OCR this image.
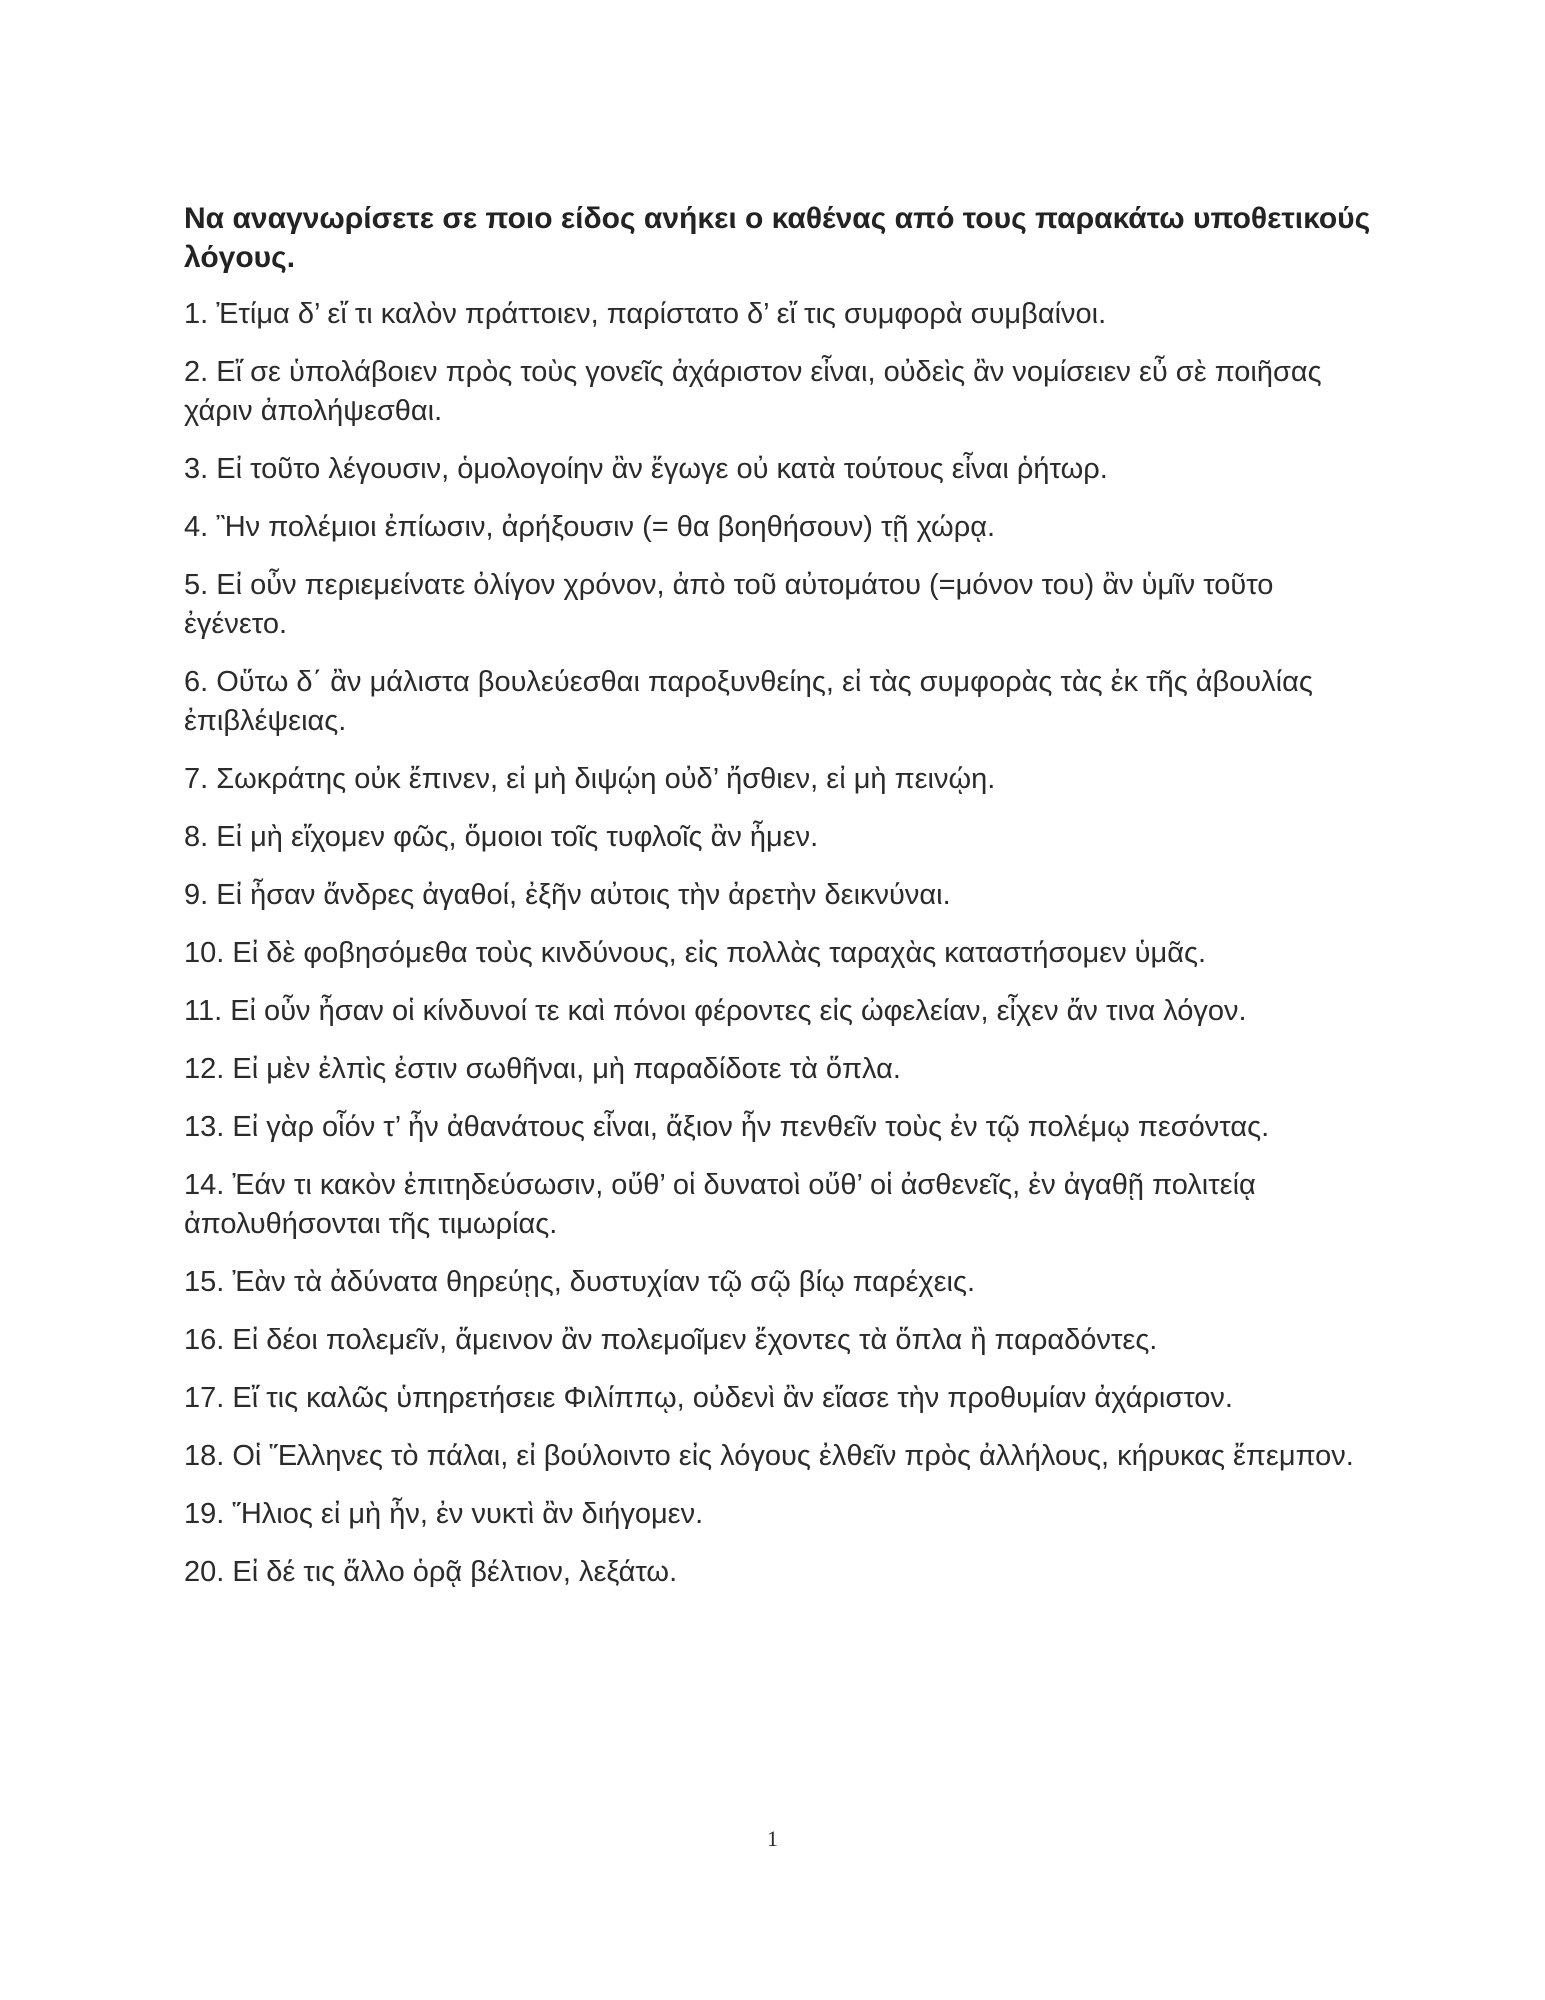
Να αναγνωρίσετε σε ποιο είδος ανήκει ο καθένας από τους παρακάτω υποθετικούς λόγους.

1. Ἐτίμα δ’ εἴ τι καλὸν πράττοιεν, παρίστατο δ’ εἴ τις συμφορὰ συμβαίνοι.
2. Εἴ σε ὑπολάβοιεν πρὸς τοὺς γονεῖς ἀχάριστον εἶναι, οὐδεὶς ἂν νομίσειεν εὖ σὲ ποιῆσας χάριν ἀπολήψεσθαι.
3. Εἰ τοῦτο λέγουσιν, ὁμολογοίην ἂν ἔγωγε οὐ κατὰ τούτους εἶναι ῥήτωρ.
4. Ἢν πολέμιοι ἐπίωσιν, ἀρήξουσιν (= θα βοηθήσουν) τῇ χώρᾳ.
5. Εἰ οὖν περιεμείνατε ὀλίγον χρόνον, ἀπὸ τοῦ αὐτομάτου (=μόνον του) ἂν ὑμῖν τοῦτο ἐγένετο.
6. Οὕτω δ΄ ἂν μάλιστα βουλεύεσθαι παροξυνθείης, εἰ τὰς συμφορὰς τὰς ἐκ τῆς ἀβουλίας ἐπιβλέψειας.
7. Σωκράτης οὐκ ἔπινεν, εἰ μὴ διψῴη οὐδ’ ἤσθιεν, εἰ μὴ πεινῴη.
8. Εἰ μὴ εἴχομεν φῶς, ὅμοιοι τοῖς τυφλοῖς ἂν ἦμεν.
9. Εἰ ἦσαν ἄνδρες ἀγαθοί, ἐξῆν αὐτοις τὴν ἀρετὴν δεικνύναι.
10. Εἰ δὲ φοβησόμεθα τοὺς κινδύνους, εἰς πολλὰς ταραχὰς καταστήσομεν ὑμᾶς.
11. Εἰ οὖν ἦσαν οἱ κίνδυνοί τε καὶ πόνοι φέροντες εἰς ὠφελείαν, εἶχεν ἄν τινα λόγον.
12. Εἰ μὲν ἐλπὶς ἐστιν σωθῆναι, μὴ παραδίδοτε τὰ ὅπλα.
13. Εἰ γὰρ οἷόν τ’ ἦν ἀθανάτους εἶναι, ἄξιον ἦν πενθεῖν τοὺς ἐν τῷ πολέμῳ πεσόντας.
14. Ἐάν τι κακὸν ἐπιτηδεύσωσιν, οὔθ’ οἱ δυνατοὶ οὔθ’ οἱ ἀσθενεῖς, ἐν ἀγαθῇ πολιτείᾳ ἀπολυθήσονται τῆς τιμωρίας.
15. Ἐὰν τὰ ἀδύνατα θηρεύῃς, δυστυχίαν τῷ σῷ βίῳ παρέχεις.
16. Εἰ δέοι πολεμεῖν, ἄμεινον ἂν πολεμοῖμεν ἔχοντες τὰ ὅπλα ἢ παραδόντες.
17. Εἴ τις καλῶς ὑπηρετήσειε Φιλίππῳ, οὐδενὶ ἂν εἴασε τὴν προθυμίαν ἀχάριστον.
18. Οἱ Ἕλληνες τὸ πάλαι, εἰ βούλοιντο εἰς λόγους ἐλθεῖν πρὸς ἀλλήλους, κήρυκας ἔπεμπον.
19. Ἥλιος εἰ μὴ ἦν, ἐν νυκτὶ ἂν διήγομεν.
20. Εἰ δέ τις ἄλλο ὁρᾷ βέλτιον, λεξάτω.
1
